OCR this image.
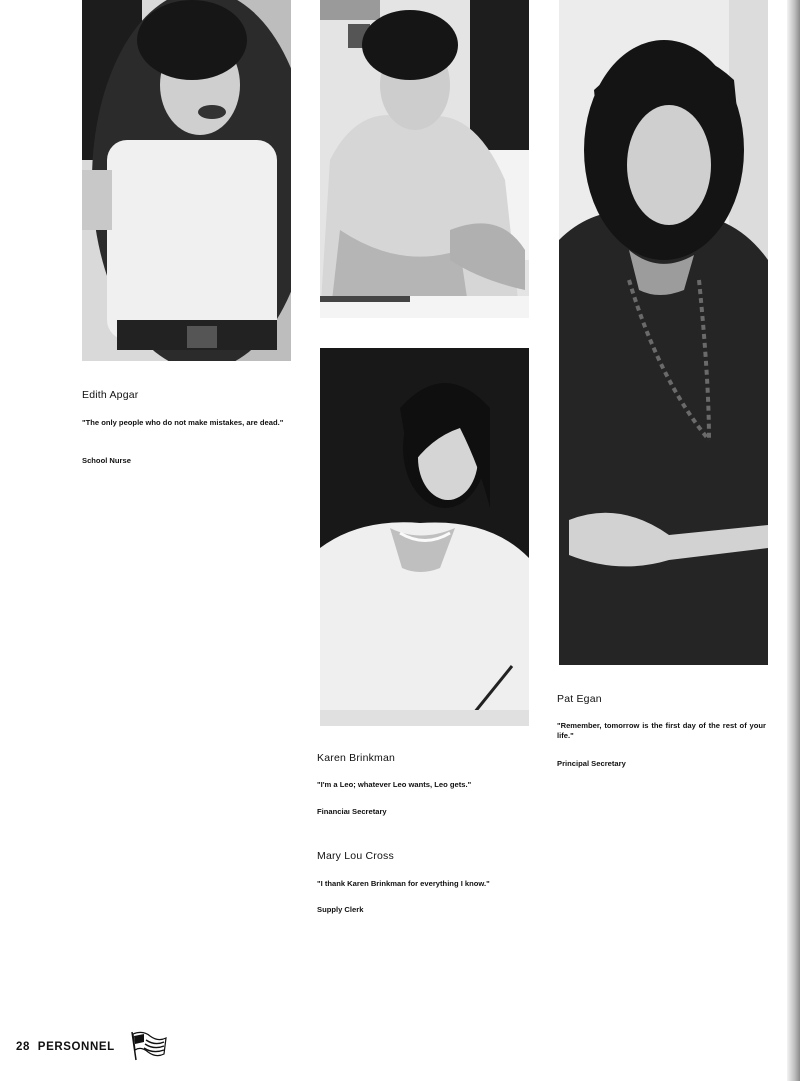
Edith Apgar
"The only people who do not make mistakes, are dead."
School Nurse
Karen Brinkman
"I'm a Leo; whatever Leo wants, Leo gets."
Financiaı Secretary
Mary Lou Cross
"I thank Karen Brinkman for everything I know."
Supply Clerk
Pat Egan
"Remember, tomorrow is the first day of the rest of your life."
Principal Secretary
28 PERSONNEL
